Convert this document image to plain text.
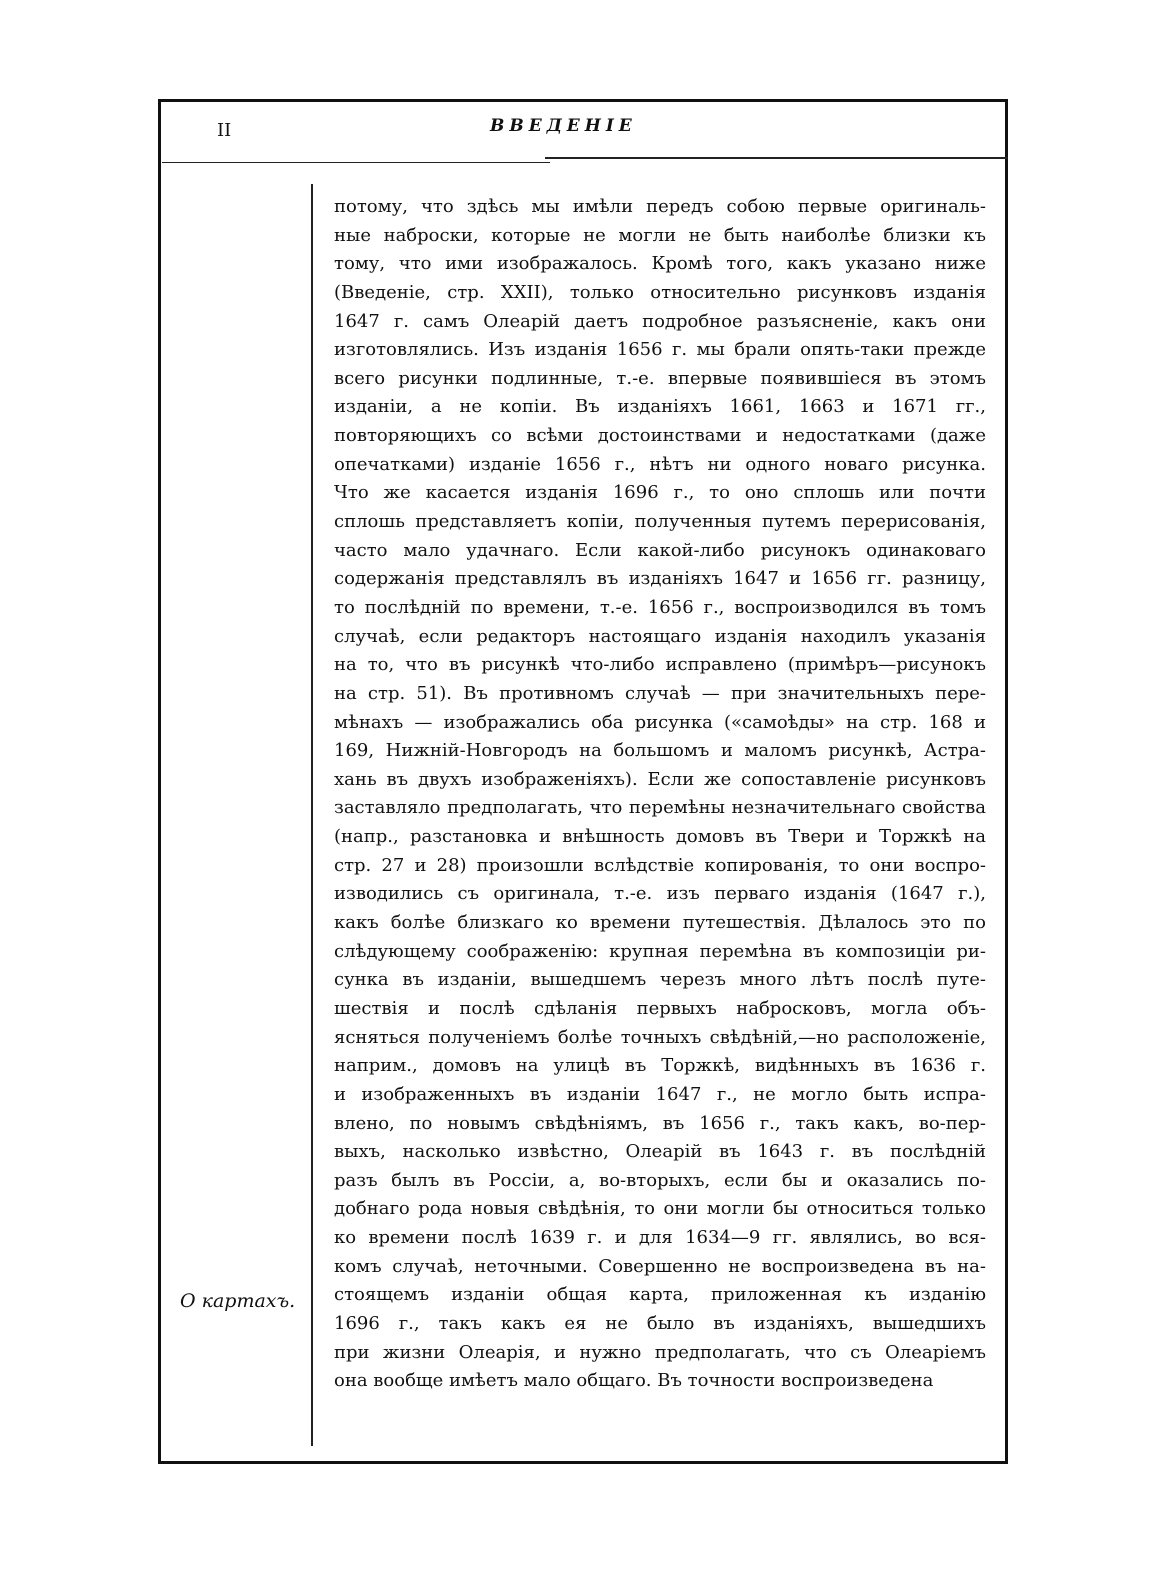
II	ВВЕДЕНІЕ
О картахъ.
потому, что здѣсь мы имѣли передъ собою первые оригиналь-
ные наброски, которые не могли не быть наиболѣе близки къ
тому, что ими изображалось. Кромѣ того, какъ указано ниже
(Введеніе, стр. XXII), только относительно рисунковъ изданія
1647 г. самъ Олеарій даетъ подробное разъясненіе, какъ они
изготовлялись. Изъ изданія 1656 г. мы брали опять-таки прежде
всего рисунки подлинные, т.-е. впервые появившіеся въ этомъ
изданіи, а не копіи. Въ изданіяхъ 1661, 1663 и 1671 гг.,
повторяющихъ со всѣми достоинствами и недостатками (даже
опечатками) изданіе 1656 г., нѣтъ ни одного новаго рисунка.
Что же касается изданія 1696 г., то оно сплошь или почти
сплошь представляетъ копіи, полученныя путемъ перерисованія,
часто мало удачнаго. Если какой-либо рисунокъ одинаковаго
содержанія представлялъ въ изданіяхъ 1647 и 1656 гг. разницу,
то послѣдній по времени, т.-е. 1656 г., воспроизводился въ томъ
случаѣ, если редакторъ настоящаго изданія находилъ указанія
на то, что въ рисункѣ что-либо исправлено (примѣръ—рисунокъ
на стр. 51). Въ противномъ случаѣ — при значительныхъ пере-
мѣнахъ — изображались оба рисунка («самоѣды» на стр. 168 и
169, Нижній-Новгородъ на большомъ и маломъ рисункѣ, Астра-
хань въ двухъ изображеніяхъ). Если же сопоставленіе рисунковъ
заставляло предполагать, что перемѣны незначительнаго свойства
(напр., разстановка и внѣшность домовъ въ Твери и Торжкѣ на
стр. 27 и 28) произошли вслѣдствіе копированія, то они воспро-
изводились съ оригинала, т.-е. изъ перваго изданія (1647 г.),
какъ болѣе близкаго ко времени путешествія. Дѣлалось это по
слѣдующему соображенію: крупная перемѣна въ композиціи ри-
сунка въ изданіи, вышедшемъ черезъ много лѣтъ послѣ путе-
шествія и послѣ сдѣланія первыхъ набросковъ, могла объ-
ясняться полученіемъ болѣе точныхъ свѣдѣній,—но расположеніе,
наприм., домовъ на улицѣ въ Торжкѣ, видѣнныхъ въ 1636 г.
и изображенныхъ въ изданіи 1647 г., не могло быть испра-
влено, по новымъ свѣдѣніямъ, въ 1656 г., такъ какъ, во-пер-
выхъ, насколько извѣстно, Олеарій въ 1643 г. въ послѣдній
разъ былъ въ Россіи, а, во-вторыхъ, если бы и оказались по-
добнаго рода новыя свѣдѣнія, то они могли бы относиться только
ко времени послѣ 1639 г. и для 1634—9 гг. являлись, во вся-
комъ случаѣ, неточными. Совершенно не воспроизведена въ на-
стоящемъ изданіи общая карта, приложенная къ изданію
1696 г., такъ какъ ея не было въ изданіяхъ, вышедшихъ
при жизни Олеарія, и нужно предполагать, что съ Олеаріемъ
она вообще имѣетъ мало общаго. Въ точности воспроизведена
